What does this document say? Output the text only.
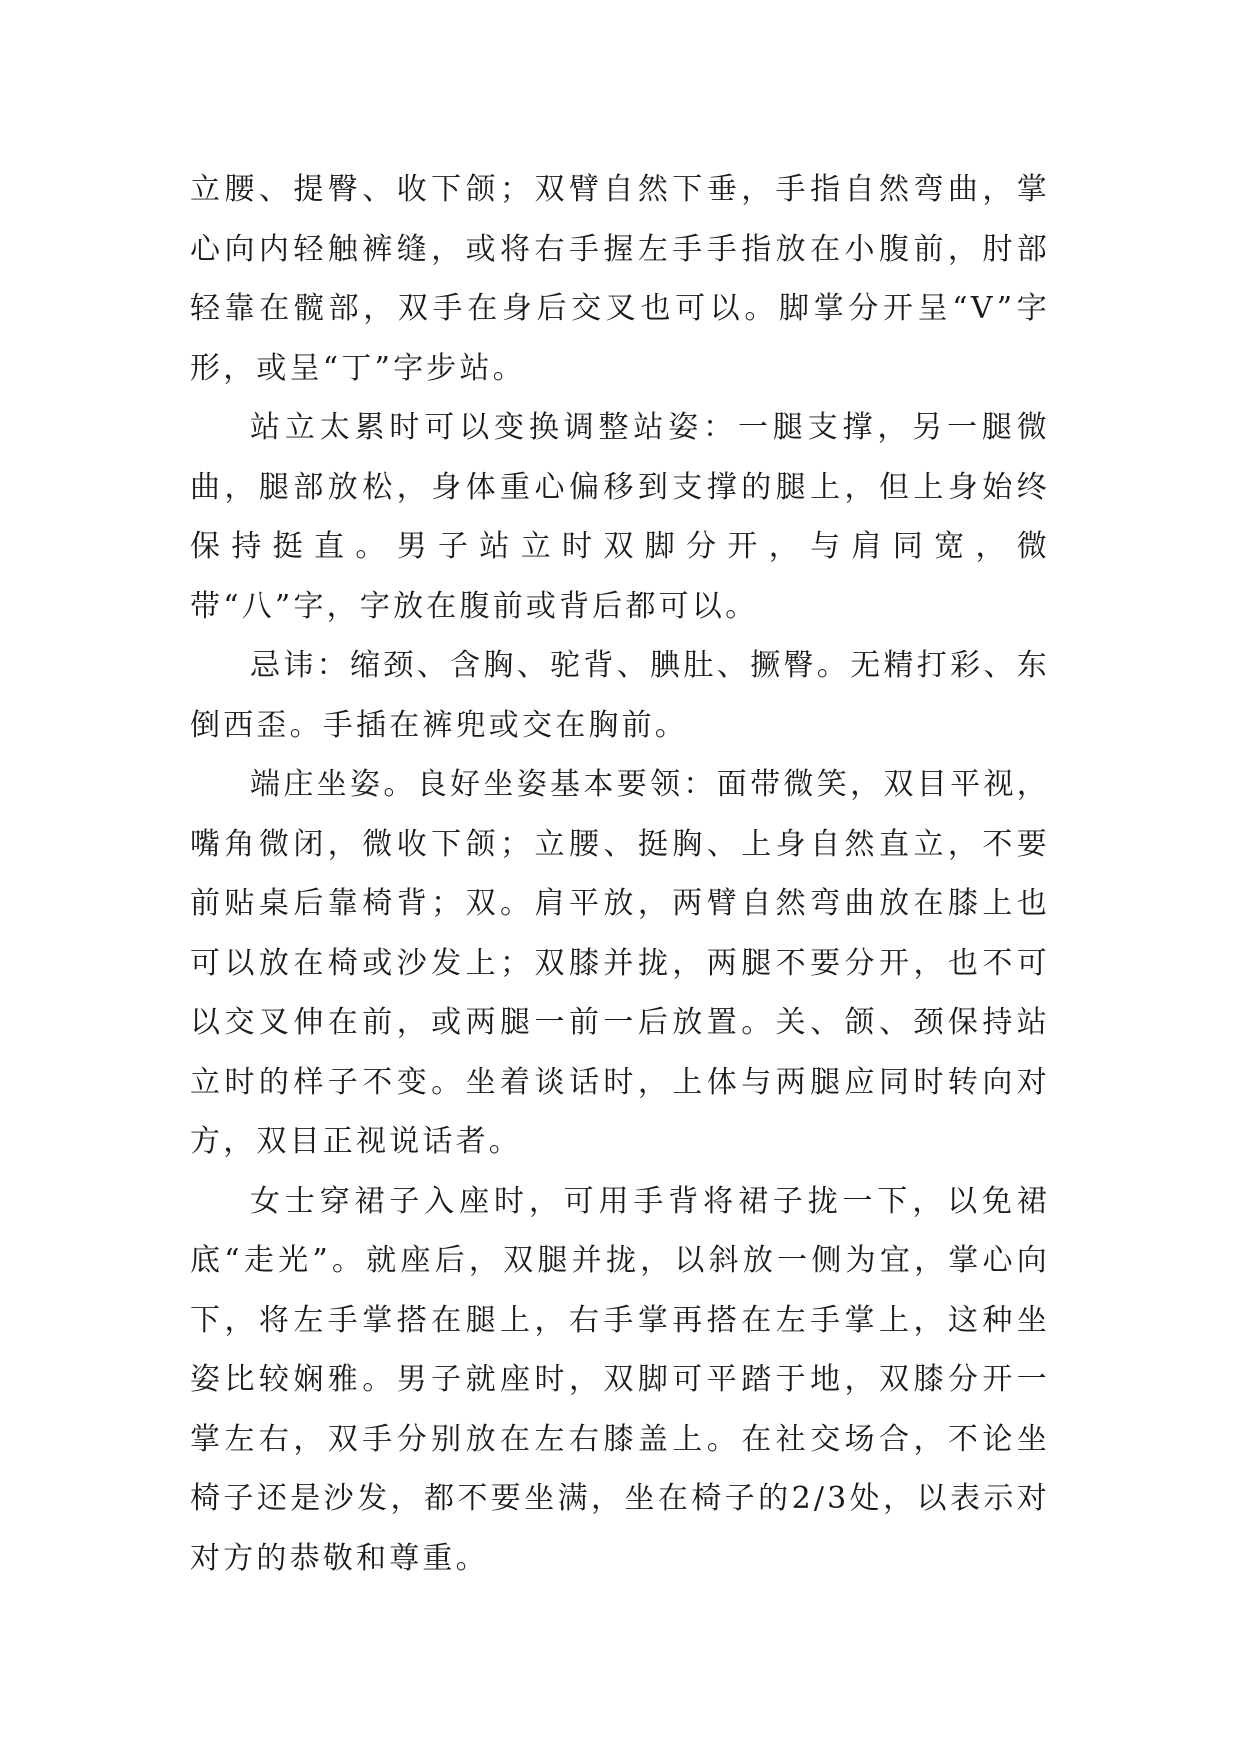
立腰、提臀、收下颌；双臂自然下垂，手指自然弯曲，掌心向内轻触裤缝，或将右手握左手手指放在小腹前，肘部轻靠在髋部，双手在身后交叉也可以。脚掌分开呈“V”字形，或呈“丁”字步站。

站立太累时可以变换调整站姿：一腿支撑，另一腿微曲，腿部放松，身体重心偏移到支撑的腿上，但上身始终保持挺直。男子站立时双脚分开，与肩同宽，微带“八”字，字放在腹前或背后都可以。

忌讳：缩颈、含胸、驼背、腆肚、撅臀。无精打彩、东倒西歪。手插在裤兜或交在胸前。

端庄坐姿。良好坐姿基本要领：面带微笑，双目平视，嘴角微闭，微收下颌；立腰、挺胸、上身自然直立，不要前贴桌后靠椅背；双。肩平放，两臂自然弯曲放在膝上也可以放在椅或沙发上；双膝并拢，两腿不要分开，也不可以交叉伸在前，或两腿一前一后放置。关、颌、颈保持站立时的样子不变。坐着谈话时，上体与两腿应同时转向对方，双目正视说话者。

女士穿裙子入座时，可用手背将裙子拢一下，以免裙底“走光”。就座后，双腿并拢，以斜放一侧为宜，掌心向下，将左手掌搭在腿上，右手掌再搭在左手掌上，这种坐姿比较娴雅。男子就座时，双脚可平踏于地，双膝分开一掌左右，双手分别放在左右膝盖上。在社交场合，不论坐椅子还是沙发，都不要坐满，坐在椅子的2/3处，以表示对对方的恭敬和尊重。
